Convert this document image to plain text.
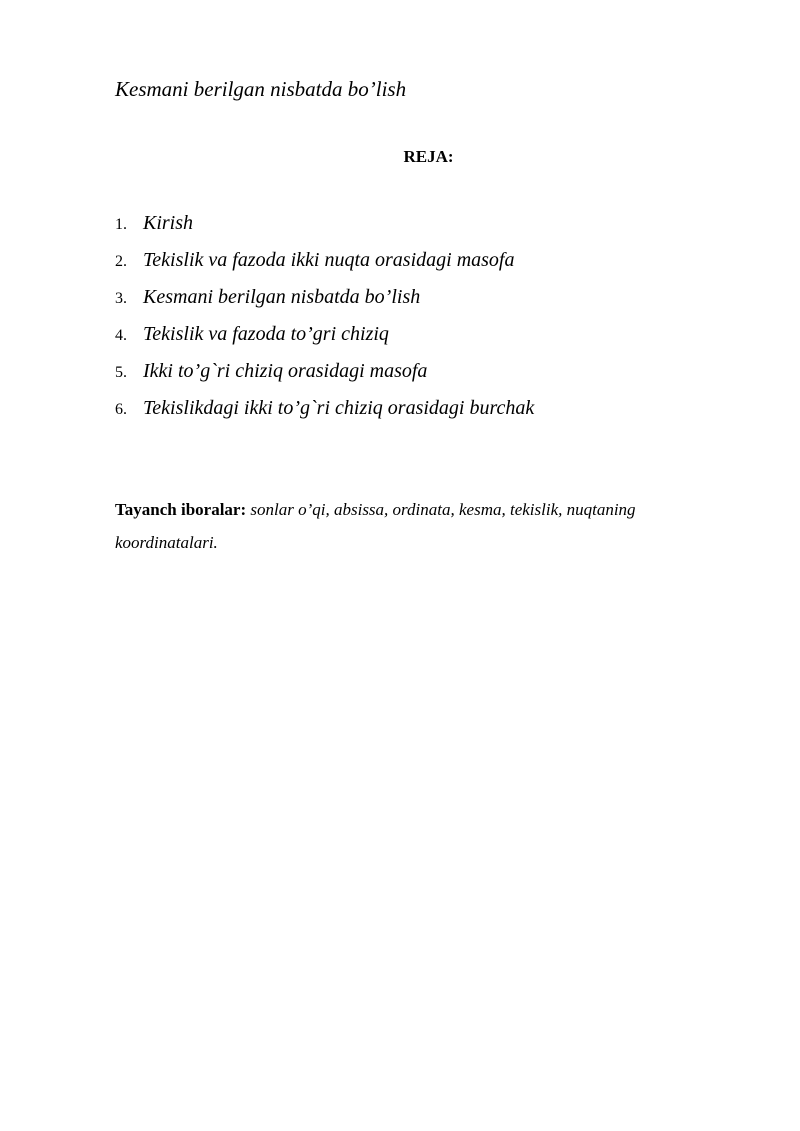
Kesmani berilgan nisbatda bo’lish
REJA:
1. Kirish
2. Tekislik va fazoda ikki nuqta orasidagi masofa
3. Kesmani berilgan nisbatda bo’lish
4. Tekislik va fazoda to’gri chiziq
5. Ikki to’g`ri chiziq orasidagi masofa
6. Tekislikdagi ikki to’g`ri chiziq orasidagi burchak
Tayanch iboralar: sonlar o’qi, absissa, ordinata, kesma, tekislik, nuqtaning koordinatalari.
